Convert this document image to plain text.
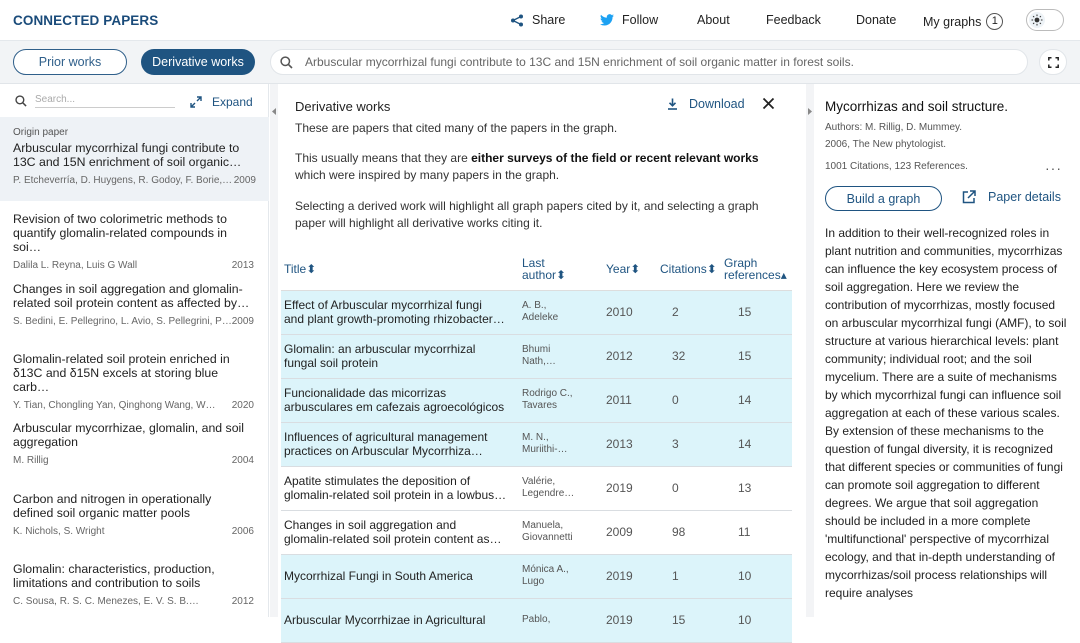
CONNECTED PAPERS	Share	Follow	About	Feedback	Donate My graphs 1
Prior works	Derivative works	Arbuscular mycorrhizal fungi contribute to 13C and 15N enrichment of soil organic matter in forest soils.
Search...	Expand
Origin paper
Arbuscular mycorrhizal fungi contribute to 13C and 15N enrichment of soil organic…
P. Etcheverría, D. Huygens, R. Godoy, F. Borie,… 2009
Revision of two colorimetric methods to quantify glomalin-related compounds in soi…
Dalila L. Reyna, Luis G Wall	2013
Changes in soil aggregation and glomalin-related soil protein content as affected by…
S. Bedini, E. Pellegrino, L. Avio, S. Pellegrini, P… 2009
Glomalin-related soil protein enriched in δ13C and δ15N excels at storing blue carb…
Y. Tian, Chongling Yan, Qinghong Wang, W… 2020
Arbuscular mycorrhizae, glomalin, and soil aggregation
M. Rillig	2004
Carbon and nitrogen in operationally defined soil organic matter pools
K. Nichols, S. Wright	2006
Glomalin: characteristics, production, limitations and contribution to soils
C. Sousa, R. S. C. Menezes, E. V. S. B.…	2012
Derivative works	Download
These are papers that cited many of the papers in the graph.
This usually means that they are either surveys of the field or recent relevant works which were inspired by many papers in the graph.
Selecting a derived work will highlight all graph papers cited by it, and selecting a graph paper will highlight all derivative works citing it.
Title⬍	Last
author⬍	Year⬍	Citations⬍	Graph
references▴

Effect of Arbuscular mycorrhizal fungi
and plant growth-promoting rhizobacter…	A. B.,
Adeleke	2010	2	15

Glomalin: an arbuscular mycorrhizal
fungal soil protein	Bhumi
Nath,…	2012	32	15

Funcionalidade das micorrizas
arbusculares em cafezais agroecológicos	Rodrigo C.,
Tavares	2011	0	14

Influences of agricultural management
practices on Arbuscular Mycorrhiza…	M. N.,
Muriithi-…	2013	3	14

Apatite stimulates the deposition of
glomalin-related soil protein in a lowbus…	Valérie,
Legendre…	2019	0	13

Changes in soil aggregation and
glomalin-related soil protein content as…	Manuela,
Giovannetti	2009	98	11

Mycorrhizal Fungi in South America	Mónica A.,
Lugo	2019	1	10

Arbuscular Mycorrhizae in Agricultural	Pablo,	2019	15	10
Mycorrhizas and soil structure.
Authors: M. Rillig, D. Mummey.
2006, The New phytologist.
1001 Citations, 123 References.	···
Build a graph	Paper details
In addition to their well-recognized roles in plant nutrition and communities, mycorrhizas can influence the key ecosystem process of soil aggregation. Here we review the contribution of mycorrhizas, mostly focused on arbuscular mycorrhizal fungi (AMF), to soil structure at various hierarchical levels: plant community; individual root; and the soil mycelium. There are a suite of mechanisms by which mycorrhizal fungi can influence soil aggregation at each of these various scales. By extension of these mechanisms to the question of fungal diversity, it is recognized that different species or communities of fungi can promote soil aggregation to different degrees. We argue that soil aggregation should be included in a more complete 'multifunctional' perspective of mycorrhizal ecology, and that in-depth understanding of mycorrhizas/soil process relationships will require analyses
